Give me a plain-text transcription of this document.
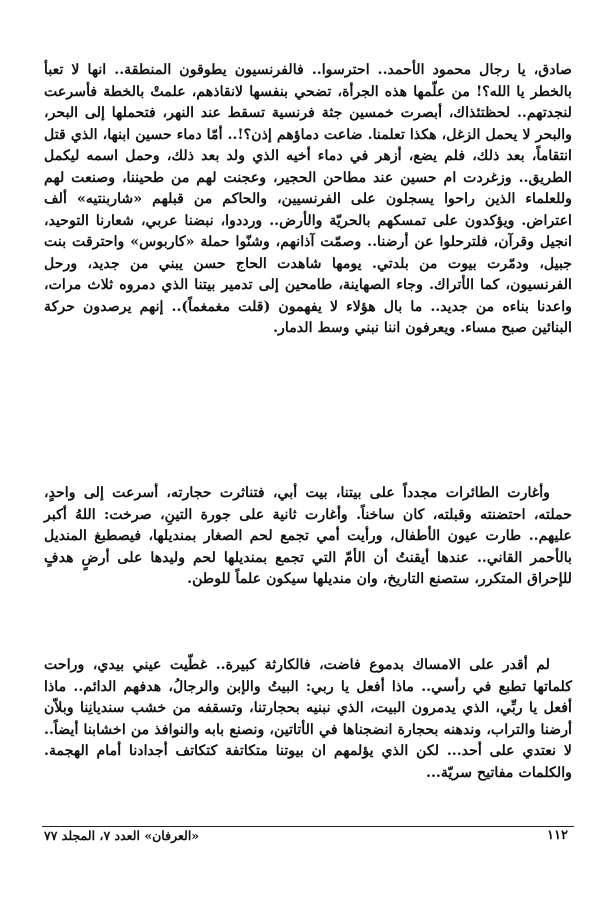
صادق، يا رجال محمود الأحمد.. احترسوا.. فالفرنسيون يطوقون المنطقة.. انها لا تعبأ بالخطر يا الله؟! من علّمها هذه الجرأة، تضحي بنفسها لانقاذهم، علمتْ بالخطة فأسرعت لنجدتهم.. لحظتئذاك، أبصرت خمسين جثة فرنسية تسقط عند النهر، فتحملها إلى البحر، والبحر لا يحمل الزغل، هكذا تعلمنا. ضاعت دماؤهم إذن؟!.. أمّا دماء حسين ابنها، الذي قتل انتقاماً، بعد ذلك، فلم يضع، أزهر في دماء أخيه الذي ولد بعد ذلك، وحمل اسمه ليكمل الطريق.. وزغردت ام حسين عند مطاحن الحجير، وعجنت لهم من طحيننا، وصنعت لهم وللعلماء الذين راحوا يسجلون على الفرنسيين، والحاكم من قبلهم «شاربنتيه» ألف اعتراض. ويؤكدون على تمسكهم بالحريّة والأرض.. ورددوا، نبضنا عربي، شعارنا التوحيد، انجيل وقرآن، فلترحلوا عن أرضنا.. وصمّت آذانهم، وشنّوا حملة «كاربوس» واحترقت بنت جبيل، ودمّرت بيوت من بلدتي. يومها شاهدت الحاج حسن يبني من جديد، ورحل الفرنسيون، كما الأتراك. وجاء الصهاينة، طامحين إلى تدمير بيتنا الذي دمروه ثلاث مرات، واعدنا بناءه من جديد.. ما بال هؤلاء لا يفهمون (قلت مغمغماً).. إنهم يرصدون حركة البنائين صبح مساء. ويعرفون اننا نبني وسط الدمار.

وأغارت الطائرات مجدداً على بيتنا، بيت أبي، فتناثرت حجارته، أسرعت إلى واحدٍ، حملته، احتضنته وقبلته، كان ساخناً. وأغارت ثانية على جورة التينِ، صرخت: اللهُ أكبر عليهم.. طارت عيون الأطفال، ورأيت أمي تجمع لحم الصغار بمنديلها، فيصطبغ المنديل بالأحمر القاني.. عندها أيقنتُ أن الأمّ التي تجمع بمنديلها لحم وليدها على أرضٍ هدفٍ للإحراق المتكرر، ستصنع التاريخ، وان منديلها سيكون علماً للوطن.

لم أقدر على الامساك بدموع فاضت، فالكارثة كبيرة.. غطّيت عيني بيدي، وراحت كلماتها تطبع في رأسي.. ماذا أفعل يا ربي: البيتُ والإبن والرجالُ، هدفهم الدائم.. ماذا أفعل يا ربِّي، الذي يدمرون البيت، الذي نبنيه بحجارتنا، وتسقفه من خشب سنديانِنا وبلاّن أرضنا والتراب، وندهنه بحجارة انضجناها في الأتاتين، ونصنع بابه والنوافذ من اخشابنا أيضاً.. لا نعتدي على أحد... لكن الذي يؤلمهم ان بيوتنا متكاتفة كتكاتف أجدادنا أمام الهجمة. والكلمات مفاتيح سريّة...

١١٢
«العرفان» العدد ٧، المجلد ٧٧
